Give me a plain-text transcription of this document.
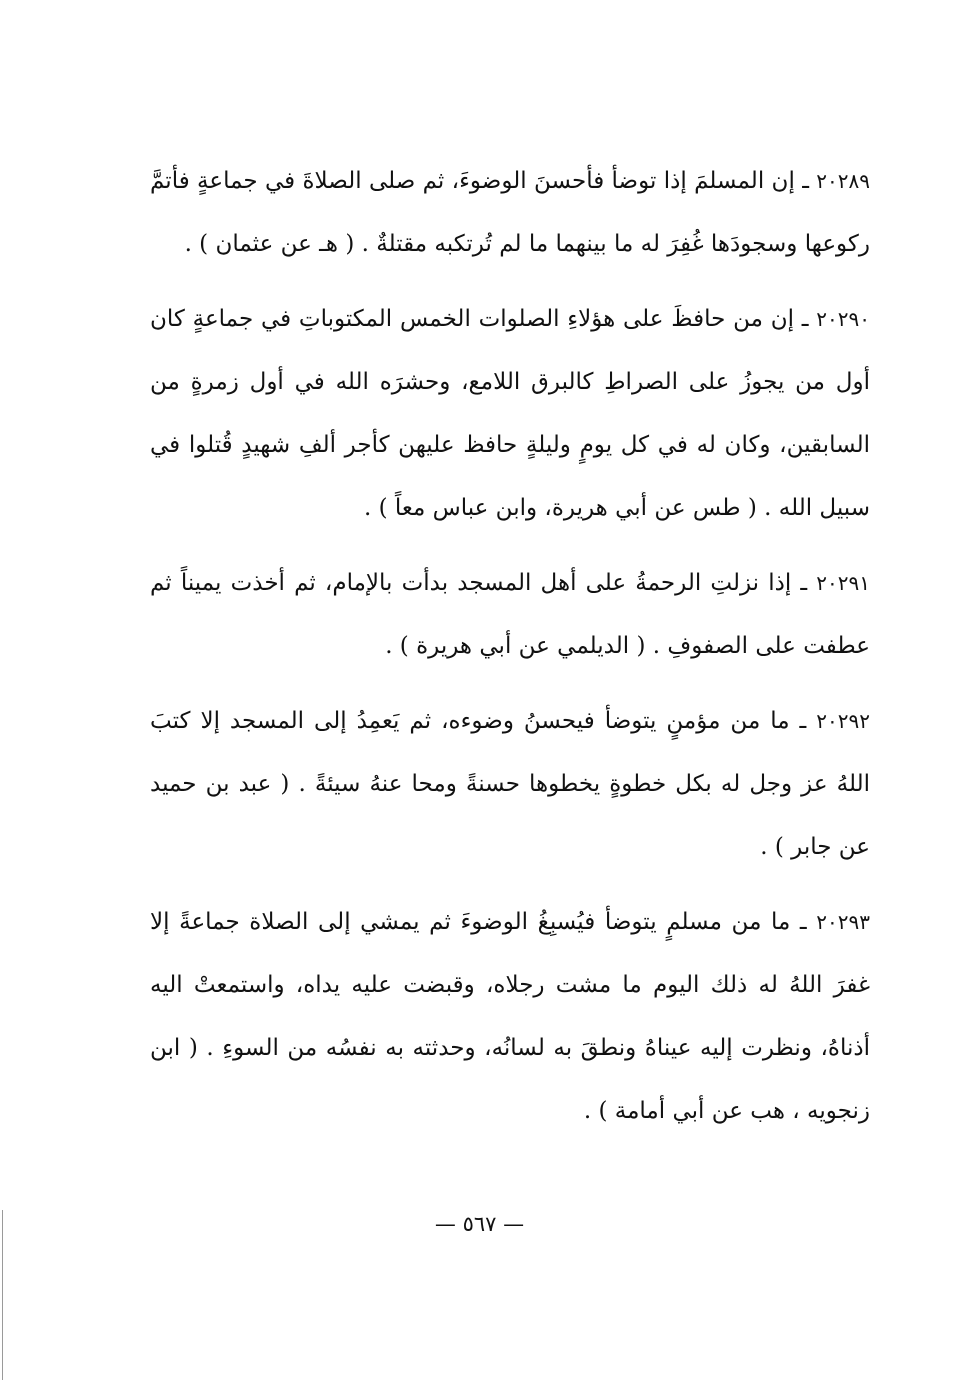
٢٠٢٨٩ ـ إن المسلمَ إذا توضأ فأحسنَ الوضوءَ، ثم صلى الصلاةَ في جماعةٍ فأتمَّ ركوعها وسجودَها غُفِرَ له ما بينهما ما لم تُرتكبه مقتلةٌ . ( هـ عن عثمان ) .

٢٠٢٩٠ ـ إن من حافظَ على هؤلاءِ الصلوات الخمس المكتوباتِ في جماعةٍ كان أول من يجوزُ على الصراطِ كالبرق اللامع، وحشرَه الله في أول زمرةٍ من السابقين، وكان له في كل يومٍ وليلةٍ حافظ عليهن كأجر ألفِ شهيدٍ قُتلوا في سبيل الله . ( طس عن أبي هريرة، وابن عباس معاً ) .

٢٠٢٩١ ـ إذا نزلتِ الرحمةُ على أهل المسجد بدأت بالإمام، ثم أخذت يميناً ثم عطفت على الصفوفِ . ( الديلمي عن أبي هريرة ) .

٢٠٢٩٢ ـ ما من مؤمنٍ يتوضأ فيحسنُ وضوءه، ثم يَعمِدُ إلى المسجد إلا كتبَ اللهُ عز وجل له بكل خطوةٍ يخطوها حسنةً ومحا عنهُ سيئةً . ( عبد بن حميد عن جابر ) .

٢٠٢٩٣ ـ ما من مسلمٍ يتوضأ فيُسبِغُ الوضوءَ ثم يمشي إلى الصلاة جماعةً إلا غفرَ اللهُ له ذلك اليوم ما مشت رجلاه، وقبضت عليه يداه، واستمعتْ اليه أذناهُ، ونظرت إليه عيناهُ ونطقَ به لسانُه، وحدثته به نفسُه من السوءِ . ( ابن زنجويه ، هب عن أبي أمامة ) .

— ٥٦٧ —
